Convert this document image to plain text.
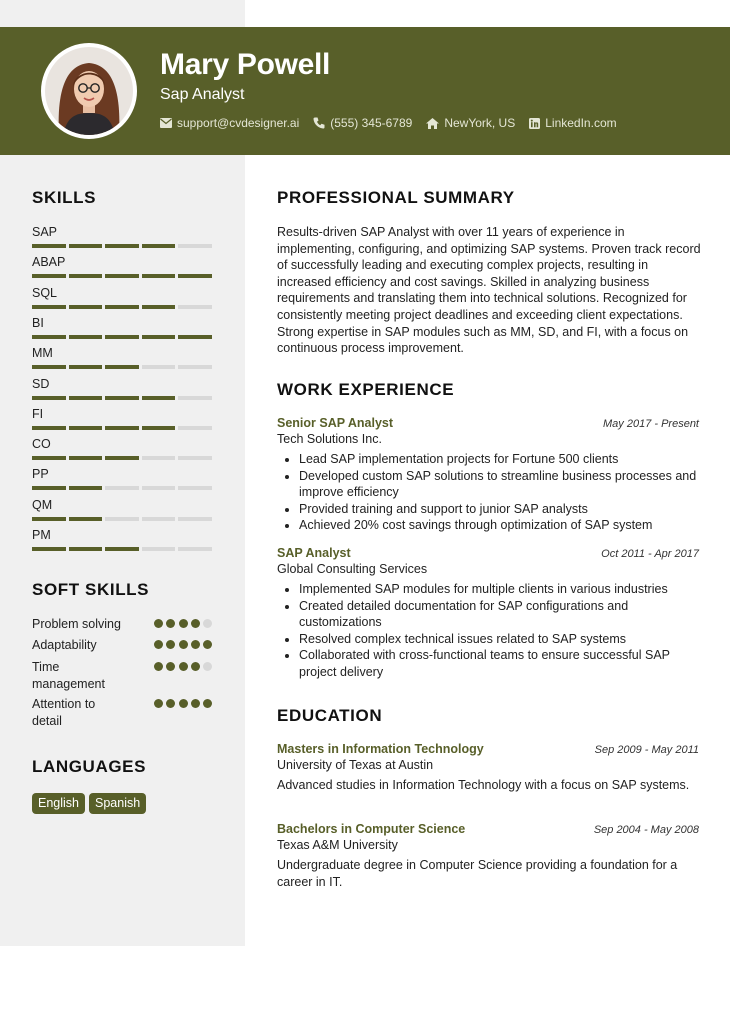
Mary Powell
Sap Analyst
support@cvdesigner.ai	(555) 345-6789	NewYork, US	LinkedIn.com
SKILLS
SAP
ABAP
SQL
BI
MM
SD
FI
CO
PP
QM
PM
SOFT SKILLS
Problem solving
Adaptability
Time management
Attention to detail
LANGUAGES
English	Spanish
PROFESSIONAL SUMMARY
Results-driven SAP Analyst with over 11 years of experience in implementing, configuring, and optimizing SAP systems. Proven track record of successfully leading and executing complex projects, resulting in increased efficiency and cost savings. Skilled in analyzing business requirements and translating them into technical solutions. Recognized for consistently meeting project deadlines and exceeding client expectations. Strong expertise in SAP modules such as MM, SD, and FI, with a focus on continuous process improvement.
WORK EXPERIENCE
Senior SAP Analyst	May 2017 - Present
Tech Solutions Inc.
• Lead SAP implementation projects for Fortune 500 clients
• Developed custom SAP solutions to streamline business processes and improve efficiency
• Provided training and support to junior SAP analysts
• Achieved 20% cost savings through optimization of SAP system
SAP Analyst	Oct 2011 - Apr 2017
Global Consulting Services
• Implemented SAP modules for multiple clients in various industries
• Created detailed documentation for SAP configurations and customizations
• Resolved complex technical issues related to SAP systems
• Collaborated with cross-functional teams to ensure successful SAP project delivery
EDUCATION
Masters in Information Technology	Sep 2009 - May 2011
University of Texas at Austin
Advanced studies in Information Technology with a focus on SAP systems.
Bachelors in Computer Science	Sep 2004 - May 2008
Texas A&M University
Undergraduate degree in Computer Science providing a foundation for a career in IT.
